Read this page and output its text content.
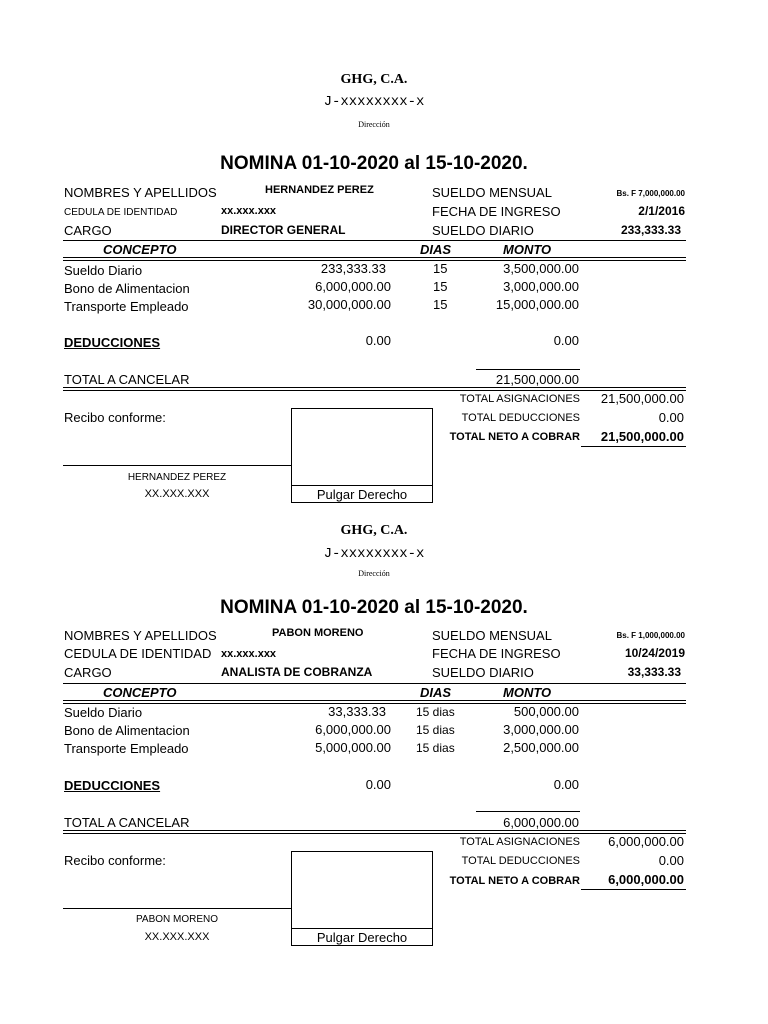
GHG, C.A.
J-xxxxxxxx-x
Dirección
NOMINA 01-10-2020 al 15-10-2020.
NOMBRES Y APELLIDOS	HERNANDEZ PEREZ	SUELDO MENSUAL	Bs. F 7,000,000.00
CEDULA DE IDENTIDAD	xx.xxx.xxx	FECHA DE INGRESO	2/1/2016
CARGO	DIRECTOR GENERAL	SUELDO DIARIO	233,333.33
CONCEPTO	DIAS	MONTO
Sueldo Diario	233,333.33	15	3,500,000.00
Bono de Alimentacion	6,000,000.00	15	3,000,000.00
Transporte Empleado	30,000,000.00	15	15,000,000.00
DEDUCCIONES	0.00	0.00
TOTAL A CANCELAR	21,500,000.00
TOTAL ASIGNACIONES	21,500,000.00
Recibo conforme:	TOTAL DEDUCCIONES	0.00
TOTAL NETO A COBRAR	21,500,000.00
Pulgar Derecho
HERNANDEZ PEREZ
XX.XXX.XXX
GHG, C.A.
J-xxxxxxxx-x
Dirección
NOMINA 01-10-2020 al 15-10-2020.
NOMBRES Y APELLIDOS	PABON MORENO	SUELDO MENSUAL	Bs. F 1,000,000.00
CEDULA DE IDENTIDAD xx.xxx.xxx	FECHA DE INGRESO	10/24/2019
CARGO	ANALISTA DE COBRANZA	SUELDO DIARIO	33,333.33
CONCEPTO	DIAS	MONTO
Sueldo Diario	33,333.33	15 dias	500,000.00
Bono de Alimentacion	6,000,000.00 15 dias	3,000,000.00
Transporte Empleado	5,000,000.00 15 dias	2,500,000.00
DEDUCCIONES	0.00	0.00
TOTAL A CANCELAR	6,000,000.00
TOTAL ASIGNACIONES	6,000,000.00
Recibo conforme:	TOTAL DEDUCCIONES	0.00
TOTAL NETO A COBRAR	6,000,000.00
Pulgar Derecho
PABON MORENO
XX.XXX.XXX
